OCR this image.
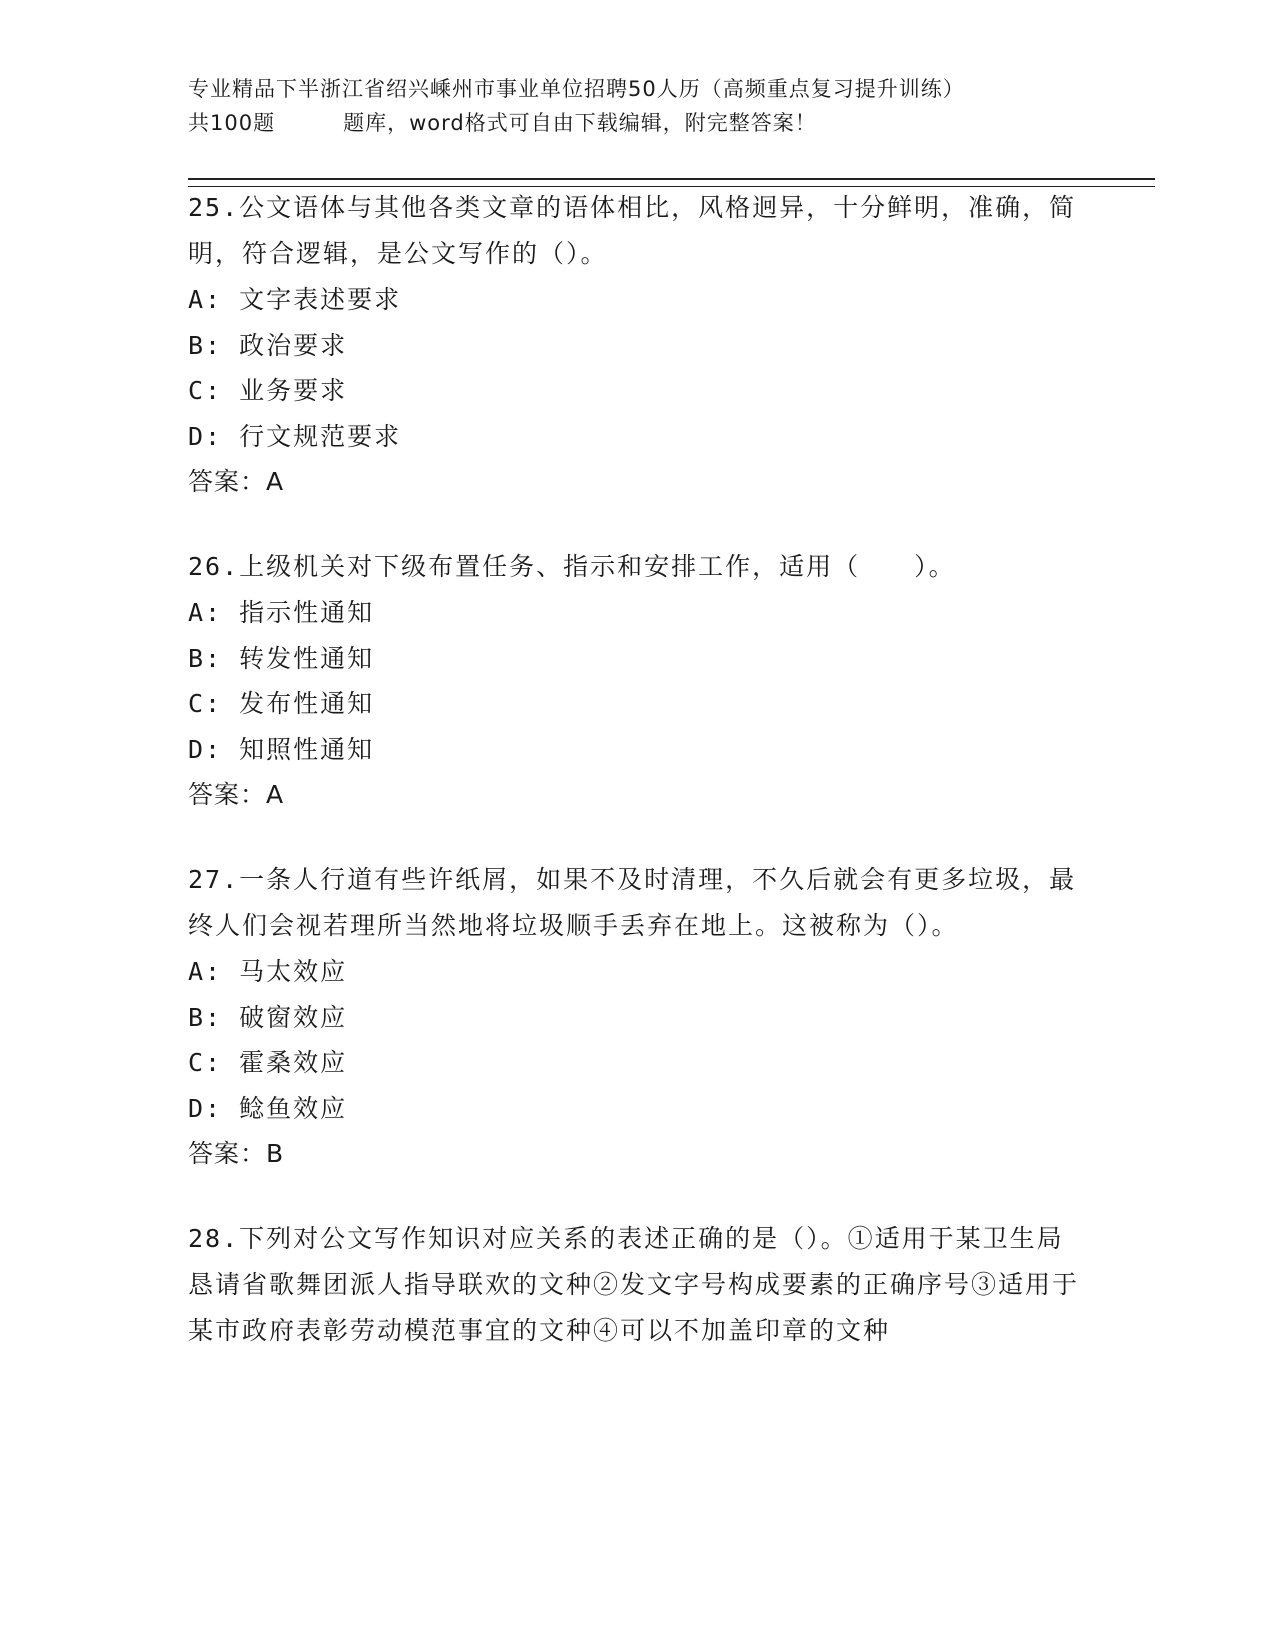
专业精品下半浙江省绍兴嵊州市事业单位招聘50人历（高频重点复习提升训练）
共100题	题库，word格式可自由下载编辑，附完整答案！
25.公文语体与其他各类文章的语体相比，风格迥异，十分鲜明，准确，简明，符合逻辑，是公文写作的（）。
A: 文字表述要求
B: 政治要求
C: 业务要求
D: 行文规范要求
答案：A
26.上级机关对下级布置任务、指示和安排工作，适用（　　）。
A: 指示性通知
B: 转发性通知
C: 发布性通知
D: 知照性通知
答案：A
27.一条人行道有些许纸屑，如果不及时清理，不久后就会有更多垃圾，最终人们会视若理所当然地将垃圾顺手丢弃在地上。这被称为（）。
A: 马太效应
B: 破窗效应
C: 霍桑效应
D: 鲶鱼效应
答案：B
28.下列对公文写作知识对应关系的表述正确的是（）。①适用于某卫生局恳请省歌舞团派人指导联欢的文种②发文字号构成要素的正确序号③适用于某市政府表彰劳动模范事宜的文种④可以不加盖印章的文种
